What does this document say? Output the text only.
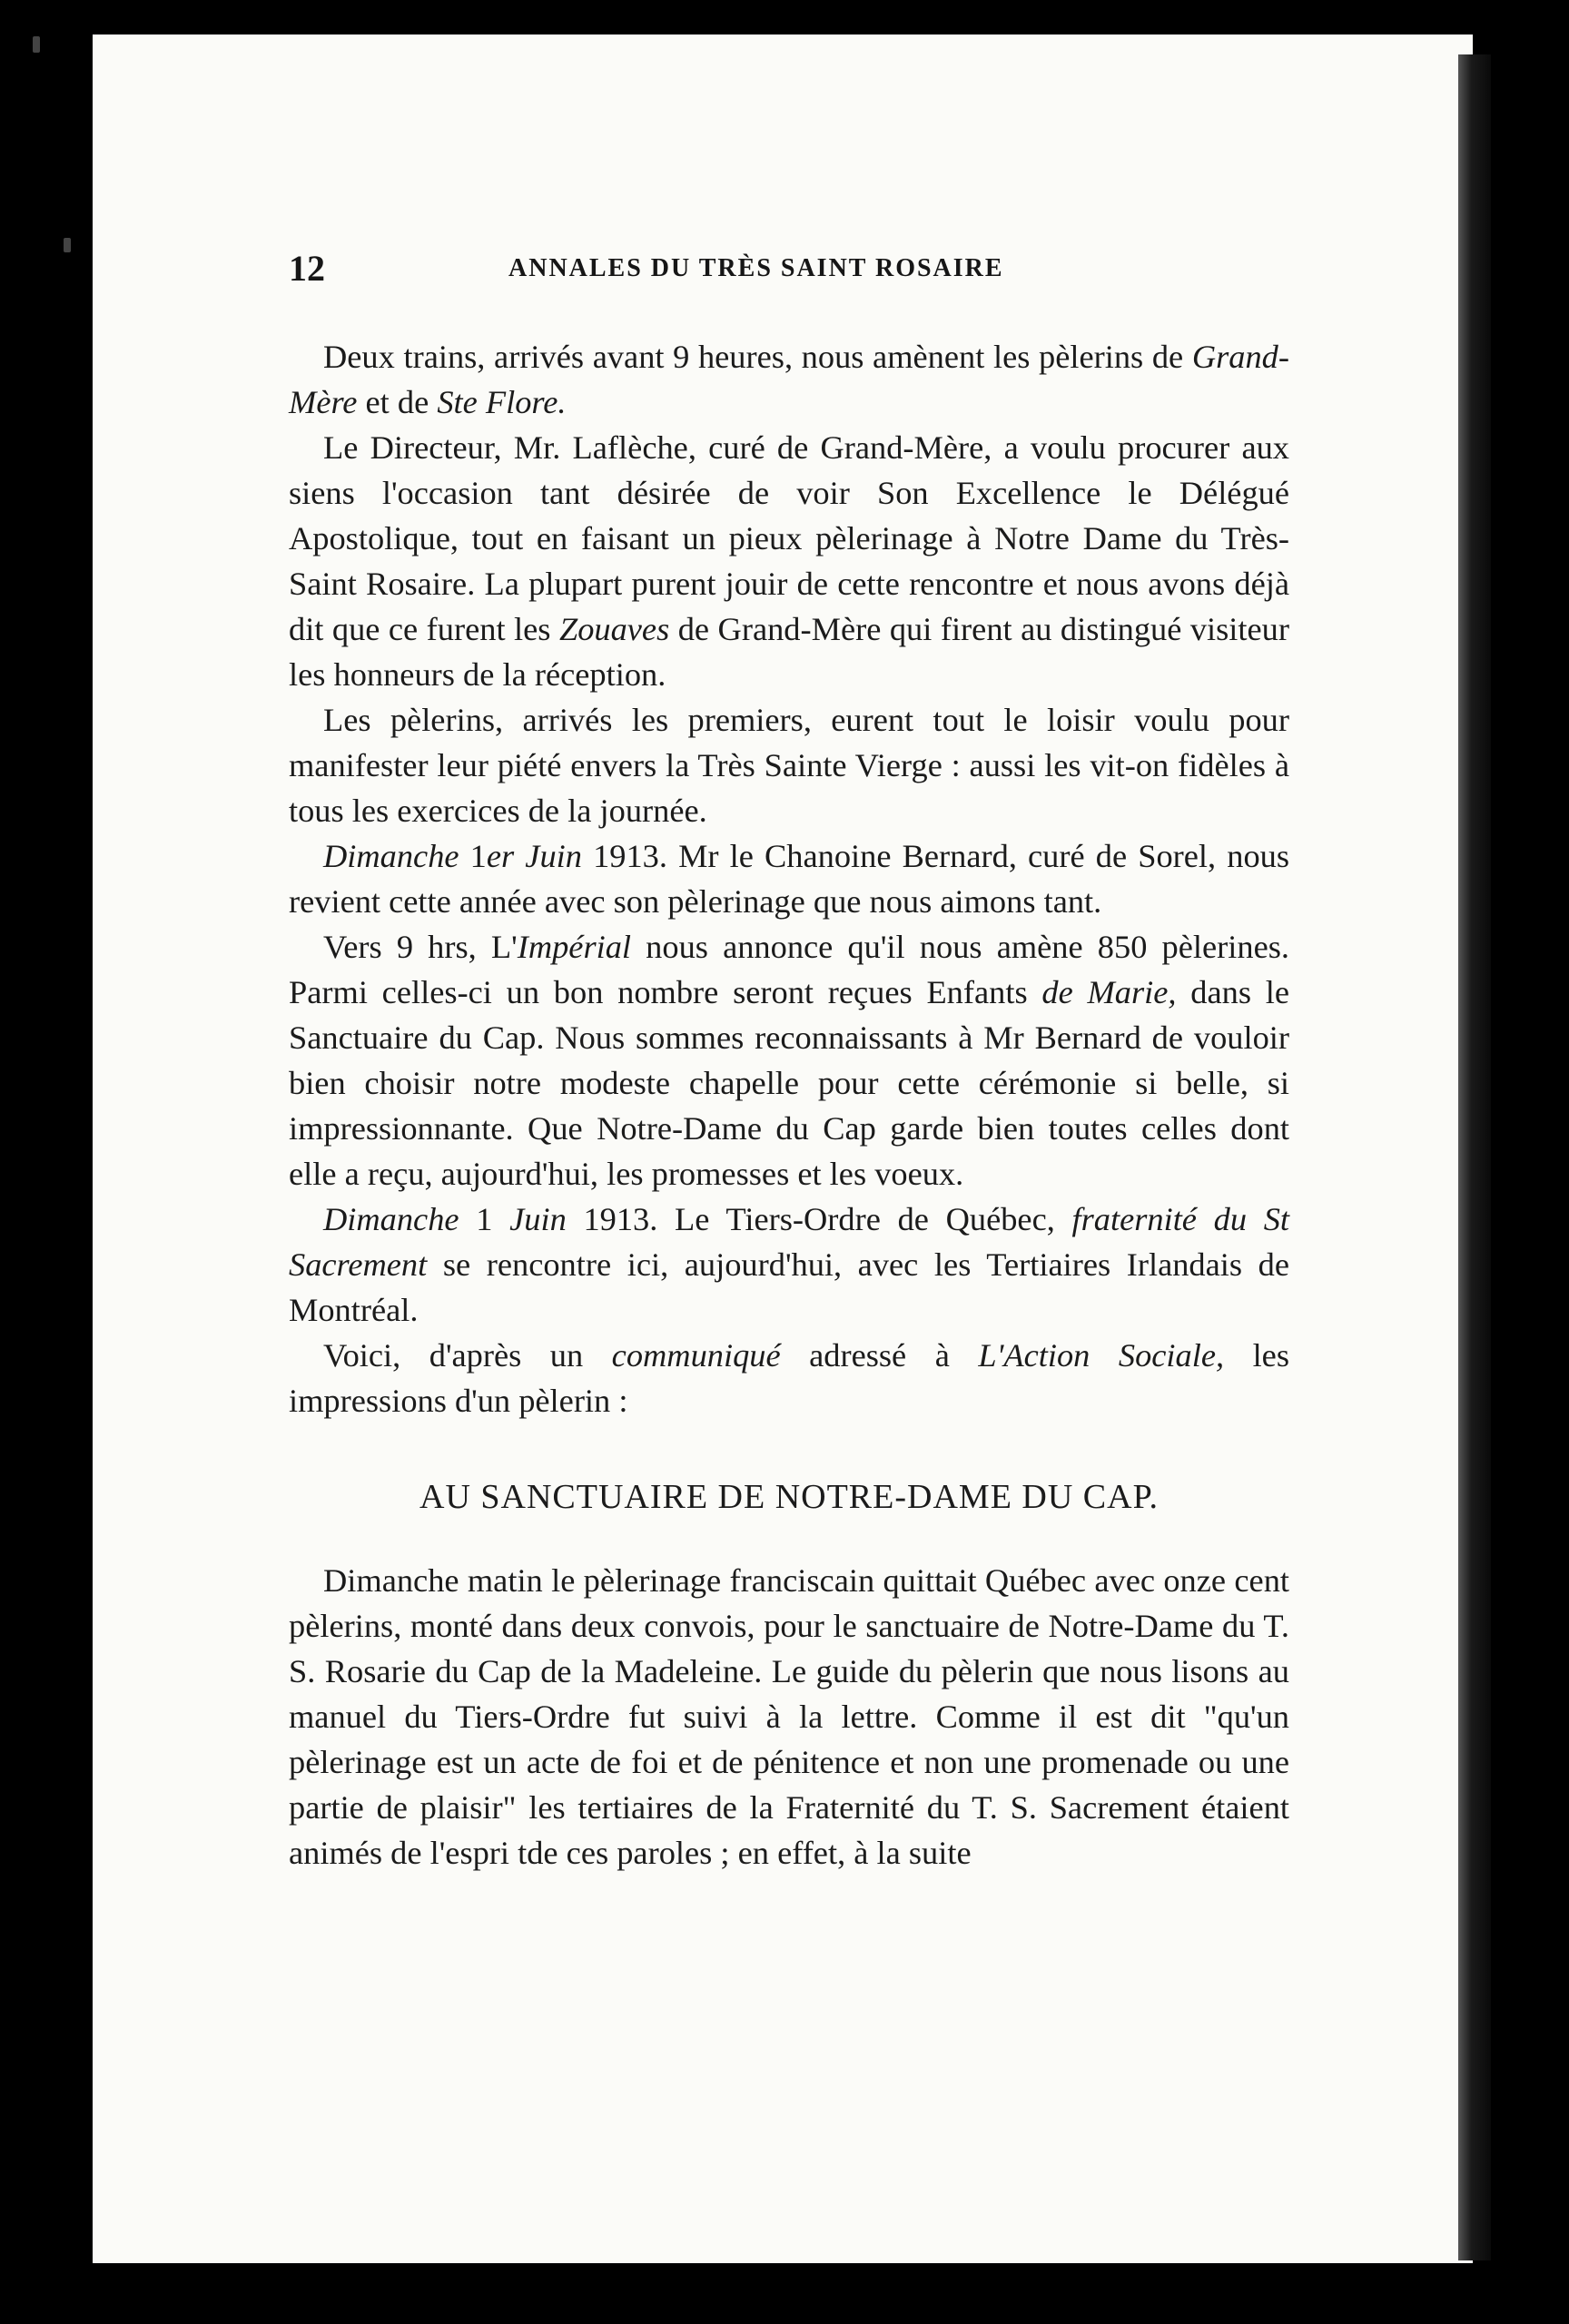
12	ANNALES DU TRÈS SAINT ROSAIRE

Deux trains, arrivés avant 9 heures, nous amènent les pèlerins de Grand-Mère et de Ste Flore.

Le Directeur, Mr. Laflèche, curé de Grand-Mère, a voulu procurer aux siens l'occasion tant désirée de voir Son Excellence le Délégué Apostolique, tout en faisant un pieux pèlerinage à Notre Dame du Très-Saint Rosaire. La plupart purent jouir de cette rencontre et nous avons déjà dit que ce furent les Zouaves de Grand-Mère qui firent au distingué visiteur les honneurs de la réception.

Les pèlerins, arrivés les premiers, eurent tout le loisir voulu pour manifester leur piété envers la Très Sainte Vierge : aussi les vit-on fidèles à tous les exercices de la journée.

Dimanche 1er Juin 1913. Mr le Chanoine Bernard, curé de Sorel, nous revient cette année avec son pèlerinage que nous aimons tant.

Vers 9 hrs, L'Impérial nous annonce qu'il nous amène 850 pèlerines. Parmi celles-ci un bon nombre seront reçues Enfants de Marie, dans le Sanctuaire du Cap. Nous sommes reconnaissants à Mr Bernard de vouloir bien choisir notre modeste chapelle pour cette cérémonie si belle, si impressionnante. Que Notre-Dame du Cap garde bien toutes celles dont elle a reçu, aujourd'hui, les promesses et les voeux.

Dimanche 1 Juin 1913. Le Tiers-Ordre de Québec, fraternité du St Sacrement se rencontre ici, aujourd'hui, avec les Tertiaires Irlandais de Montréal.

Voici, d'après un communiqué adressé à L'Action Sociale, les impressions d'un pèlerin :

AU SANCTUAIRE DE NOTRE-DAME DU CAP.

Dimanche matin le pèlerinage franciscain quittait Québec avec onze cent pèlerins, monté dans deux convois, pour le sanctuaire de Notre-Dame du T. S. Rosarie du Cap de la Madeleine. Le guide du pèlerin que nous lisons au manuel du Tiers-Ordre fut suivi à la lettre. Comme il est dit "qu'un pèlerinage est un acte de foi et de pénitence et non une promenade ou une partie de plaisir" les tertiaires de la Fraternité du T. S. Sacrement étaient animés de l'espri tde ces paroles ; en effet, à la suite
